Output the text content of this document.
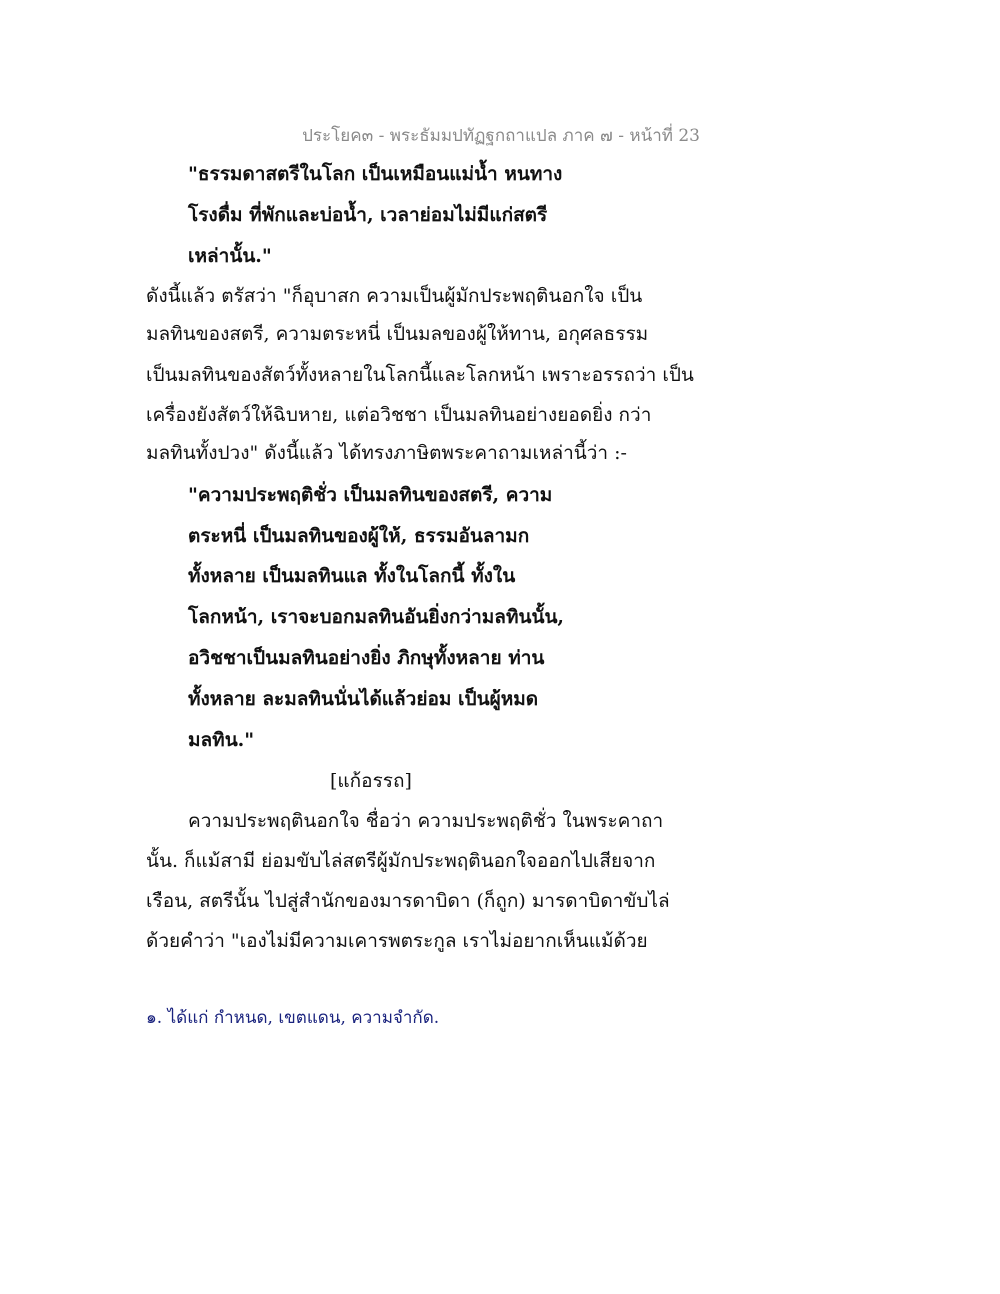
ประโยค๓ - พระธัมมปทัฏฐกถาแปล ภาค ๗ - หน้าที่ 23
"ธรรมดาสตรีในโลก เป็นเหมือนแม่น้ำ หนทาง
โรงดื่ม ที่พักและบ่อน้ำ, เวลาย่อมไม่มีแก่สตรี
เหล่านั้น."
ดังนี้แล้ว ตรัสว่า "ก็อุบาสก ความเป็นผู้มักประพฤตินอกใจ เป็น
มลทินของสตรี, ความตระหนี่ เป็นมลของผู้ให้ทาน, อกุศลธรรม
เป็นมลทินของสัตว์ทั้งหลายในโลกนี้และโลกหน้า เพราะอรรถว่า เป็น
เครื่องยังสัตว์ให้ฉิบหาย, แต่อวิชชา เป็นมลทินอย่างยอดยิ่ง กว่า
มลทินทั้งปวง" ดังนี้แล้ว ได้ทรงภาษิตพระคาถามเหล่านี้ว่า :-
"ความประพฤติชั่ว เป็นมลทินของสตรี, ความ
ตระหนี่ เป็นมลทินของผู้ให้, ธรรมอันลามก
ทั้งหลาย เป็นมลทินแล ทั้งในโลกนี้ ทั้งใน
โลกหน้า, เราจะบอกมลทินอันยิ่งกว่ามลทินนั้น,
อวิชชาเป็นมลทินอย่างยิ่ง ภิกษุทั้งหลาย ท่าน
ทั้งหลาย ละมลทินนั่นได้แล้วย่อม เป็นผู้หมด
มลทิน."
[แก้อรรถ]
ความประพฤตินอกใจ ชื่อว่า ความประพฤติชั่ว ในพระคาถา
นั้น. ก็แม้สามี ย่อมขับไล่สตรีผู้มักประพฤตินอกใจออกไปเสียจาก
เรือน, สตรีนั้น ไปสู่สำนักของมารดาบิดา (ก็ถูก) มารดาบิดาขับไล่
ด้วยคำว่า "เองไม่มีความเคารพตระกูล เราไม่อยากเห็นแม้ด้วย
๑. ได้แก่ กำหนด, เขตแดน, ความจำกัด.
